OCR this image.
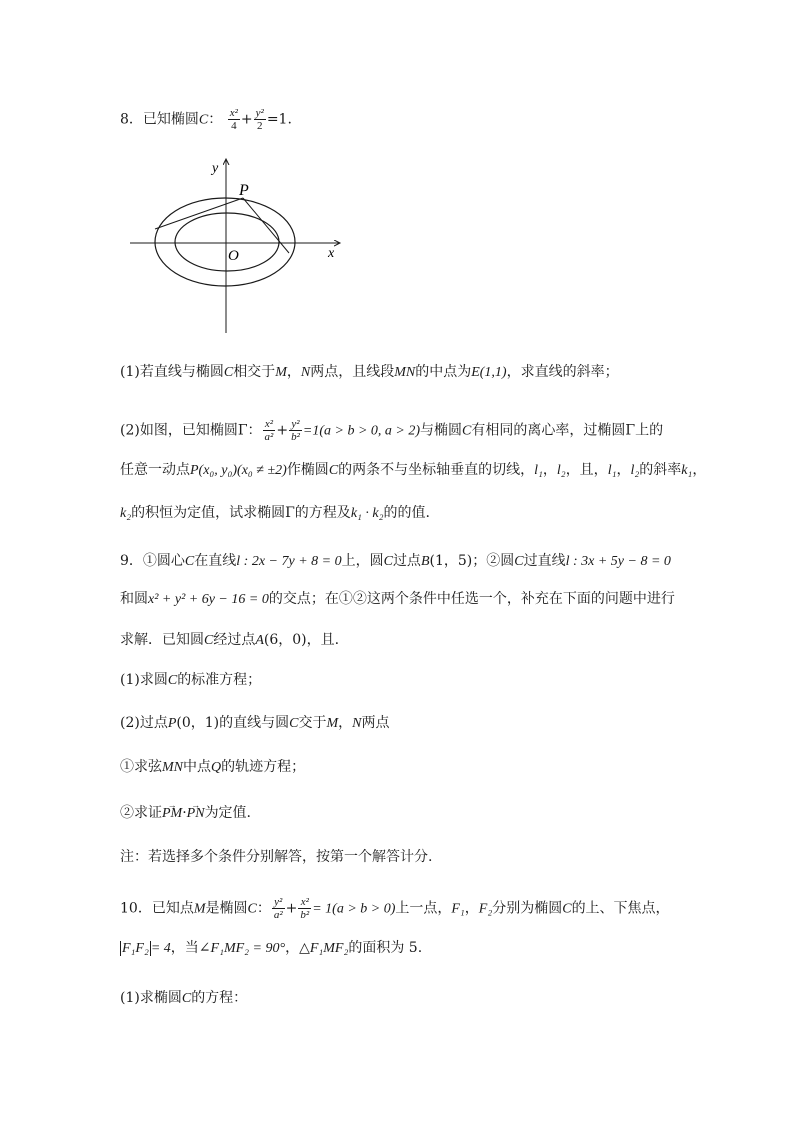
8．已知椭圆C： $\frac{\text{x²}}{4} + \frac{\text{y²}}{2} =1$.
y
P
O	x
(1)若直线与椭圆C相交于M，N两点，且线段MN的中点为E(1,1)，求直线的斜率；
(2)如图，已知椭圆Γ： $\frac{\text{x²}}{\text{a²}} + \frac{\text{y²}}{\text{b²}} =1(a > b > 0$, a > 2)与椭圆C有相同的离心率，过椭圆Γ上的
任意一动点P(x₀, y₀)(x₀ ≠ ±2)作椭圆C的两条不与坐标轴垂直的切线，l₁，l₂，且，l₁，l₂的斜率k₁，
k₂的积恒为定值，试求椭圆Γ的方程及k₁ · k₂的的值.
9．①圆心C在直线l : 2x − 7y + 8 = 0上，圆C过点B(1，5)；②圆C过直线l : 3x + 5y − 8 = 0
和圆x² + y² + 6y − 16 = 0的交点；在①②这两个条件中任选一个，补充在下面的问题中进行
求解．已知圆C经过点A(6，0)，且.
(1)求圆C的标准方程；
(2)过点P(0，1)的直线与圆C交于M，N两点
①求弦MN中点Q的轨迹方程；
②求证→ PM·→ PN为定值.
注：若选择多个条件分别解答，按第一个解答计分.
10．已知点M是椭圆C： $\frac{\text{y²}}{\text{a²}} + \frac{\text{x²}}{\text{b²}} = 1(a > b > 0)$上一点，F₁，F₂分别为椭圆C的上、下焦点，
F₁F₂ = 4，当∠F₁MF₂ = 90°，△F₁MF₂的面积为 5.
(1)求椭圆C的方程：
